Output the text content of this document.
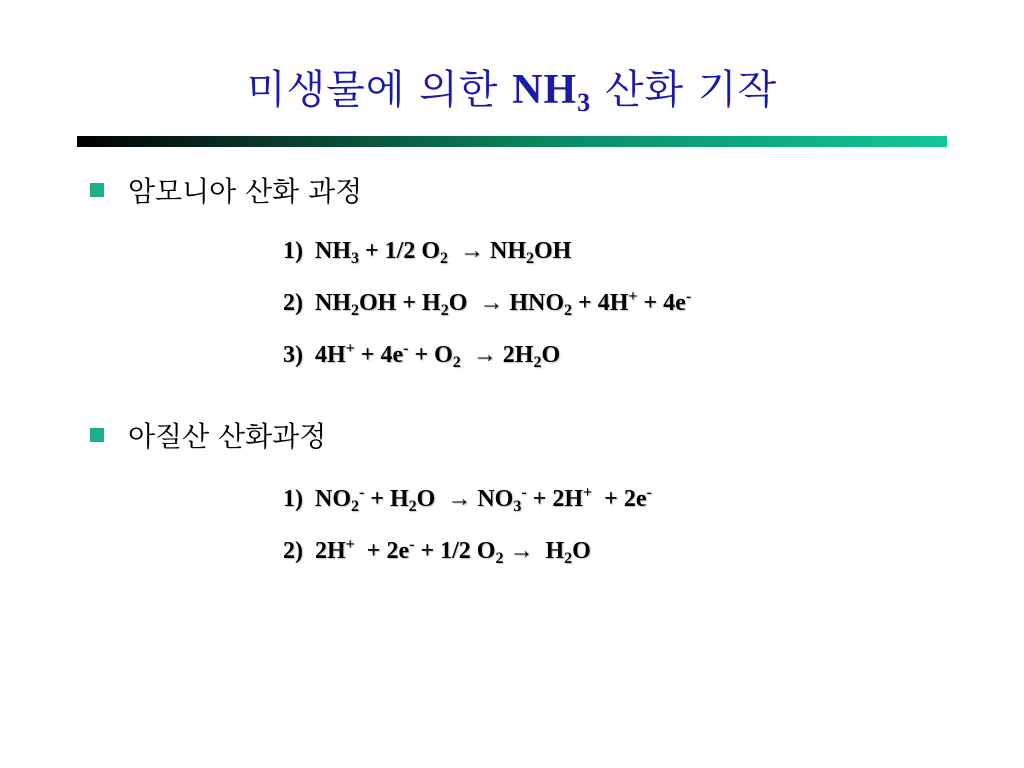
미생물에 의한 $NH_3$ 산화 기작
암모니아 산화 과정
1) $NH_3 + 1/2$ $O_2 \to NH_2OH$
2) $NH_2OH + H_2O \to HNO_2 + 4H^+ + 4e^-$
3) $4H^+ + 4e^- + O_2 \to 2H_2O$
아질산 산화과정
1) $NO_2^- + H_2O \to NO_3^- + 2H^+ + 2e^-$
2) 2H+  + 2e- + 1/2 $O_2 \to H_2O$
